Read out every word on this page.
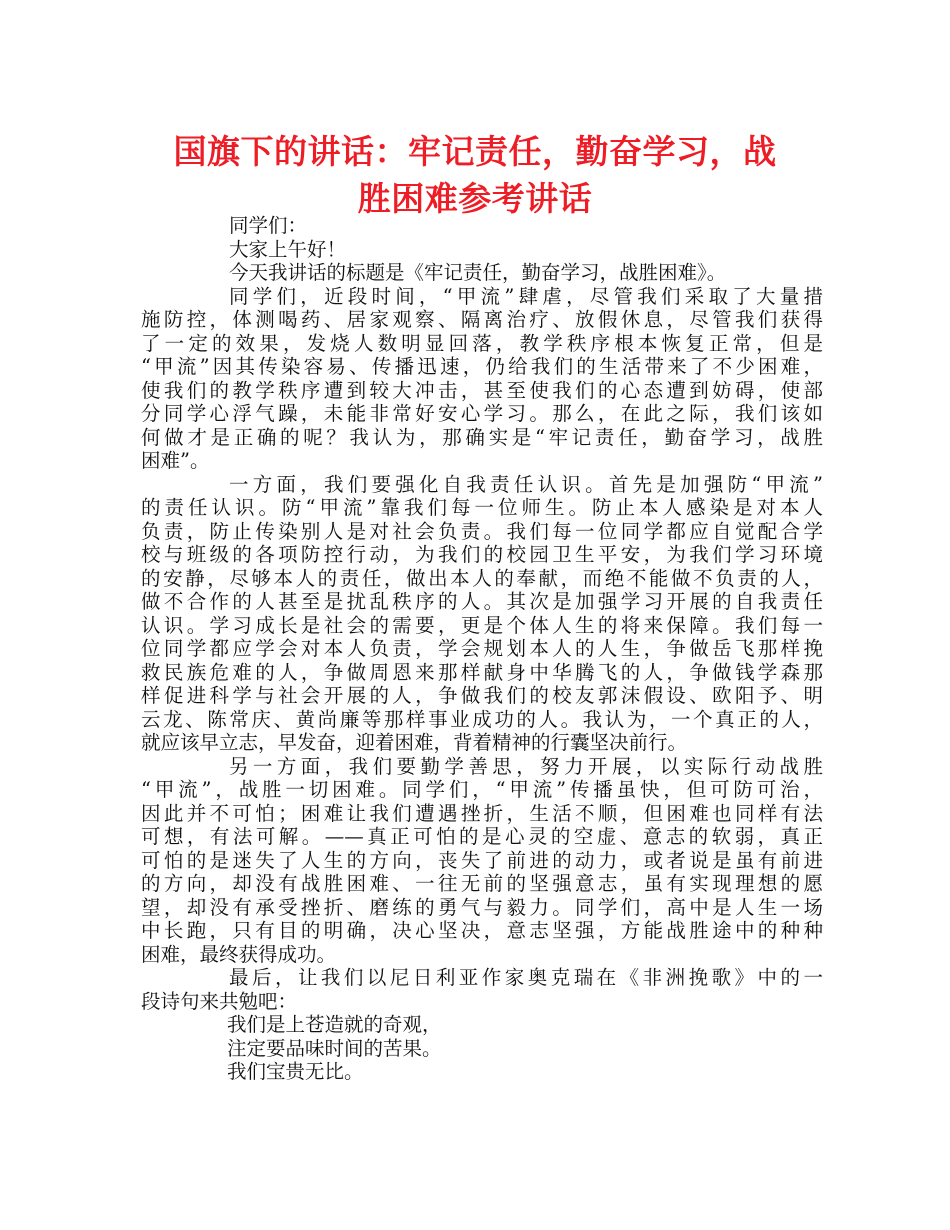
国旗下的讲话：牢记责任，勤奋学习，战
胜困难参考讲话
同学们：
大家上午好！
今天我讲话的标题是《牢记责任，勤奋学习，战胜困难》。
同学们，近段时间，“甲流”肆虐，尽管我们采取了大量措
施防控，体测喝药、居家观察、隔离治疗、放假休息，尽管我们获得
了一定的效果，发烧人数明显回落，教学秩序根本恢复正常，但是
“甲流”因其传染容易、传播迅速，仍给我们的生活带来了不少困难，
使我们的教学秩序遭到较大冲击，甚至使我们的心态遭到妨碍，使部
分同学心浮气躁，未能非常好安心学习。那么，在此之际，我们该如
何做才是正确的呢？我认为，那确实是“牢记责任，勤奋学习，战胜
困难”。
一方面，我们要强化自我责任认识。首先是加强防“甲流”
的责任认识。防“甲流”靠我们每一位师生。防止本人感染是对本人
负责，防止传染别人是对社会负责。我们每一位同学都应自觉配合学
校与班级的各项防控行动，为我们的校园卫生平安，为我们学习环境
的安静，尽够本人的责任，做出本人的奉献，而绝不能做不负责的人，
做不合作的人甚至是扰乱秩序的人。其次是加强学习开展的自我责任
认识。学习成长是社会的需要，更是个体人生的将来保障。我们每一
位同学都应学会对本人负责，学会规划本人的人生，争做岳飞那样挽
救民族危难的人，争做周恩来那样献身中华腾飞的人，争做钱学森那
样促进科学与社会开展的人，争做我们的校友郭沫假设、欧阳予、明
云龙、陈常庆、黄尚廉等那样事业成功的人。我认为，一个真正的人，
就应该早立志，早发奋，迎着困难，背着精神的行囊坚决前行。
另一方面，我们要勤学善思，努力开展，以实际行动战胜
“甲流”，战胜一切困难。同学们，“甲流”传播虽快，但可防可治，
因此并不可怕；困难让我们遭遇挫折，生活不顺，但困难也同样有法
可想，有法可解。——真正可怕的是心灵的空虚、意志的软弱，真正
可怕的是迷失了人生的方向，丧失了前进的动力，或者说是虽有前进
的方向，却没有战胜困难、一往无前的坚强意志，虽有实现理想的愿
望，却没有承受挫折、磨练的勇气与毅力。同学们，高中是人生一场
中长跑，只有目的明确，决心坚决，意志坚强，方能战胜途中的种种
困难，最终获得成功。
最后，让我们以尼日利亚作家奥克瑞在《非洲挽歌》中的一
段诗句来共勉吧：
我们是上苍造就的奇观，
注定要品味时间的苦果。
我们宝贵无比。
